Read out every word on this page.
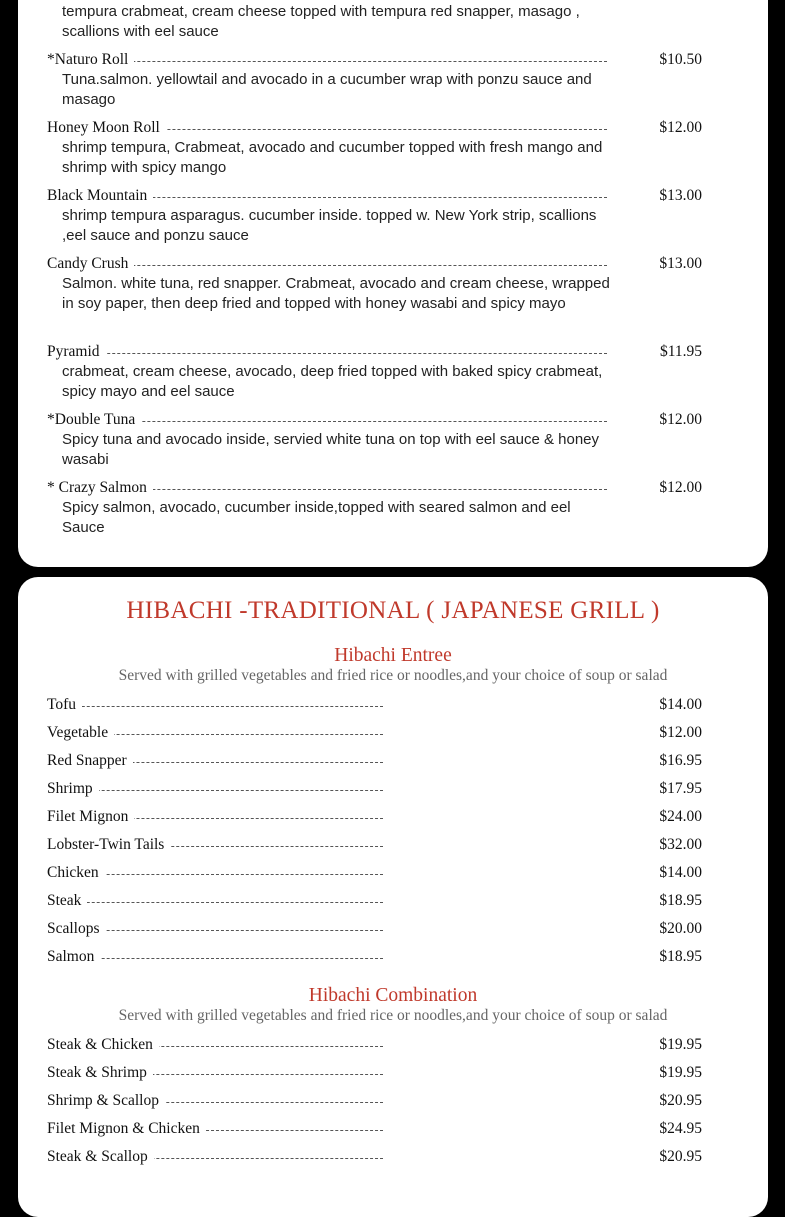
tempura crabmeat, cream cheese topped with tempura red snapper, masago , scallions with eel sauce
*Naturo Roll	$10.50
Tuna.salmon. yellowtail and avocado in a cucumber wrap with ponzu sauce and masago
Honey Moon Roll	$12.00
shrimp tempura, Crabmeat, avocado and cucumber topped with fresh mango and shrimp with spicy mango
Black Mountain	$13.00
shrimp tempura asparagus. cucumber inside. topped w. New York strip, scallions ,eel sauce and ponzu sauce
Candy Crush	$13.00
Salmon. white tuna, red snapper. Crabmeat, avocado and cream cheese, wrapped in soy paper, then deep fried and topped with honey wasabi and spicy mayo
Pyramid	$11.95
crabmeat, cream cheese, avocado, deep fried topped with baked spicy crabmeat, spicy mayo and eel sauce
*Double Tuna	$12.00
Spicy tuna and avocado inside, servied white tuna on top with eel sauce & honey wasabi
* Crazy Salmon	$12.00
Spicy salmon, avocado, cucumber inside,topped with seared salmon and eel Sauce
HIBACHI -TRADITIONAL ( JAPANESE GRILL )
Hibachi Entree
Served with grilled vegetables and fried rice or noodles,and your choice of soup or salad
Tofu	$14.00
Vegetable	$12.00
Red Snapper	$16.95
Shrimp	$17.95
Filet Mignon	$24.00
Lobster-Twin Tails	$32.00
Chicken	$14.00
Steak	$18.95
Scallops	$20.00
Salmon	$18.95
Hibachi Combination
Served with grilled vegetables and fried rice or noodles,and your choice of soup or salad
Steak & Chicken	$19.95
Steak & Shrimp	$19.95
Shrimp & Scallop	$20.95
Filet Mignon & Chicken	$24.95
Steak & Scallop	$20.95
